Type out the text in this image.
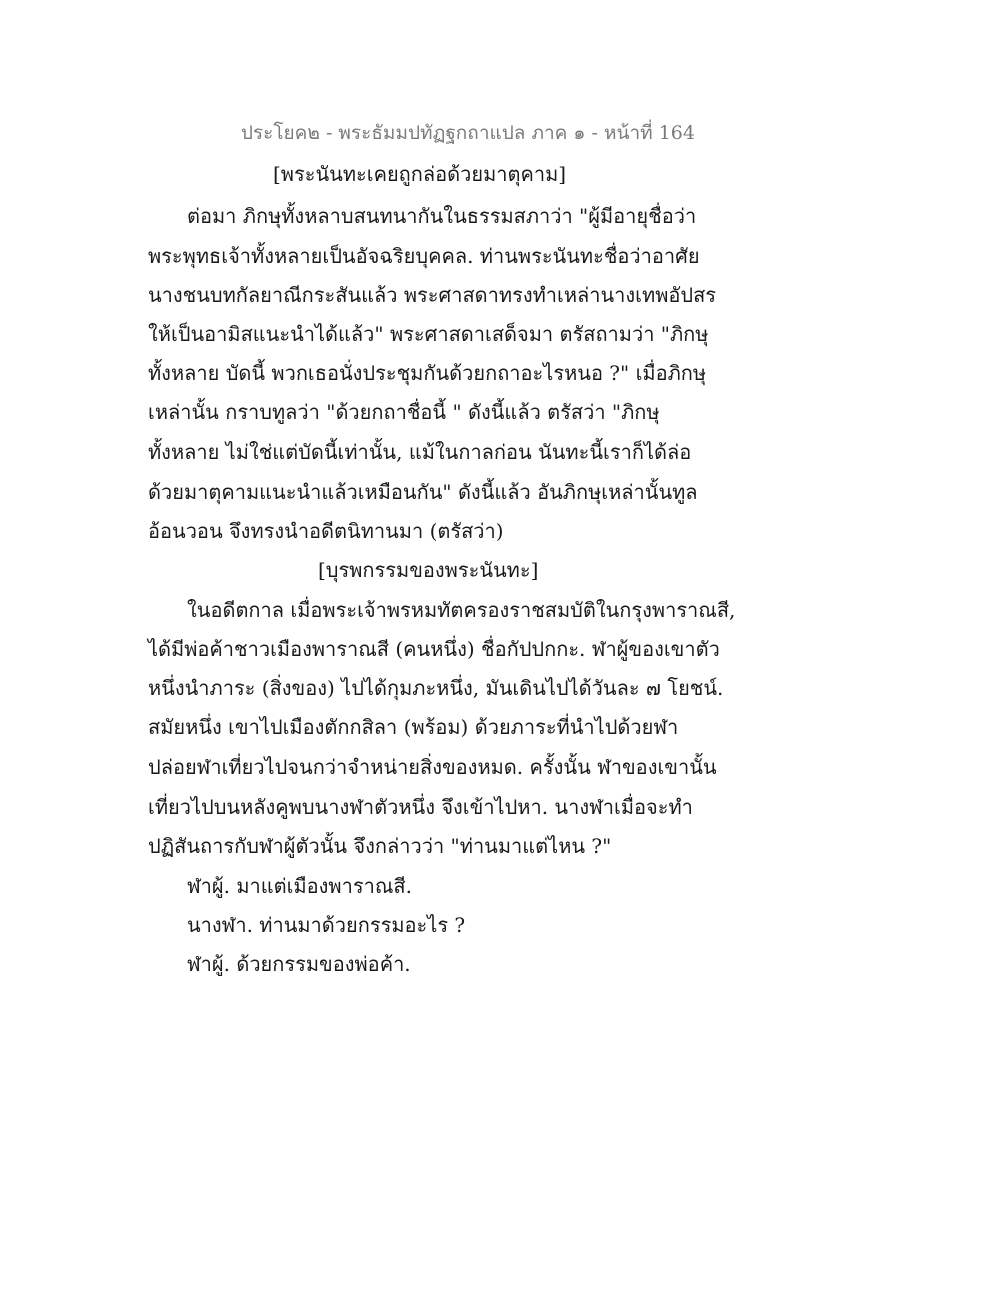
ประโยค๒ - พระธัมมปทัฏฐกถาแปล ภาค ๑ - หน้าที่ 164
[พระนันทะเคยถูกล่อด้วยมาตุคาม]
ต่อมา ภิกษุทั้งหลาบสนทนากันในธรรมสภาว่า "ผู้มีอายุชื่อว่า
พระพุทธเจ้าทั้งหลายเป็นอัจฉริยบุคคล. ท่านพระนันทะชื่อว่าอาศัย
นางชนบทกัลยาณีกระสันแล้ว พระศาสดาทรงทำเหล่านางเทพอัปสร
ให้เป็นอามิสแนะนำได้แล้ว" พระศาสดาเสด็จมา ตรัสถามว่า "ภิกษุ
ทั้งหลาย บัดนี้ พวกเธอนั่งประชุมกันด้วยกถาอะไรหนอ ?" เมื่อภิกษุ
เหล่านั้น กราบทูลว่า "ด้วยกถาชื่อนี้ " ดังนี้แล้ว ตรัสว่า "ภิกษุ
ทั้งหลาย ไม่ใช่แต่บัดนี้เท่านั้น, แม้ในกาลก่อน นันทะนี้เราก็ได้ล่อ
ด้วยมาตุคามแนะนำแล้วเหมือนกัน" ดังนี้แล้ว อันภิกษุเหล่านั้นทูล
อ้อนวอน จึงทรงนำอดีตนิทานมา (ตรัสว่า)
[บุรพกรรมของพระนันทะ]
ในอดีตกาล เมื่อพระเจ้าพรหมทัตครองราชสมบัติในกรุงพาราณสี,
ได้มีพ่อค้าชาวเมืองพาราณสี (คนหนึ่ง) ชื่อกัปปกกะ. ฬาผู้ของเขาตัว
หนึ่งนำภาระ (สิ่งของ) ไปได้กุมภะหนึ่ง, มันเดินไปได้วันละ ๗ โยชน์.
สมัยหนึ่ง เขาไปเมืองตักกสิลา (พร้อม) ด้วยภาระที่นำไปด้วยฬา
ปล่อยฬาเที่ยวไปจนกว่าจำหน่ายสิ่งของหมด. ครั้งนั้น ฬาของเขานั้น
เที่ยวไปบนหลังคูพบนางฬาตัวหนึ่ง จึงเข้าไปหา. นางฬาเมื่อจะทำ
ปฏิสันถารกับฬาผู้ตัวนั้น จึงกล่าวว่า "ท่านมาแต่ไหน ?"
ฬาผู้. มาแต่เมืองพาราณสี.
นางฬา. ท่านมาด้วยกรรมอะไร ?
ฬาผู้. ด้วยกรรมของพ่อค้า.
